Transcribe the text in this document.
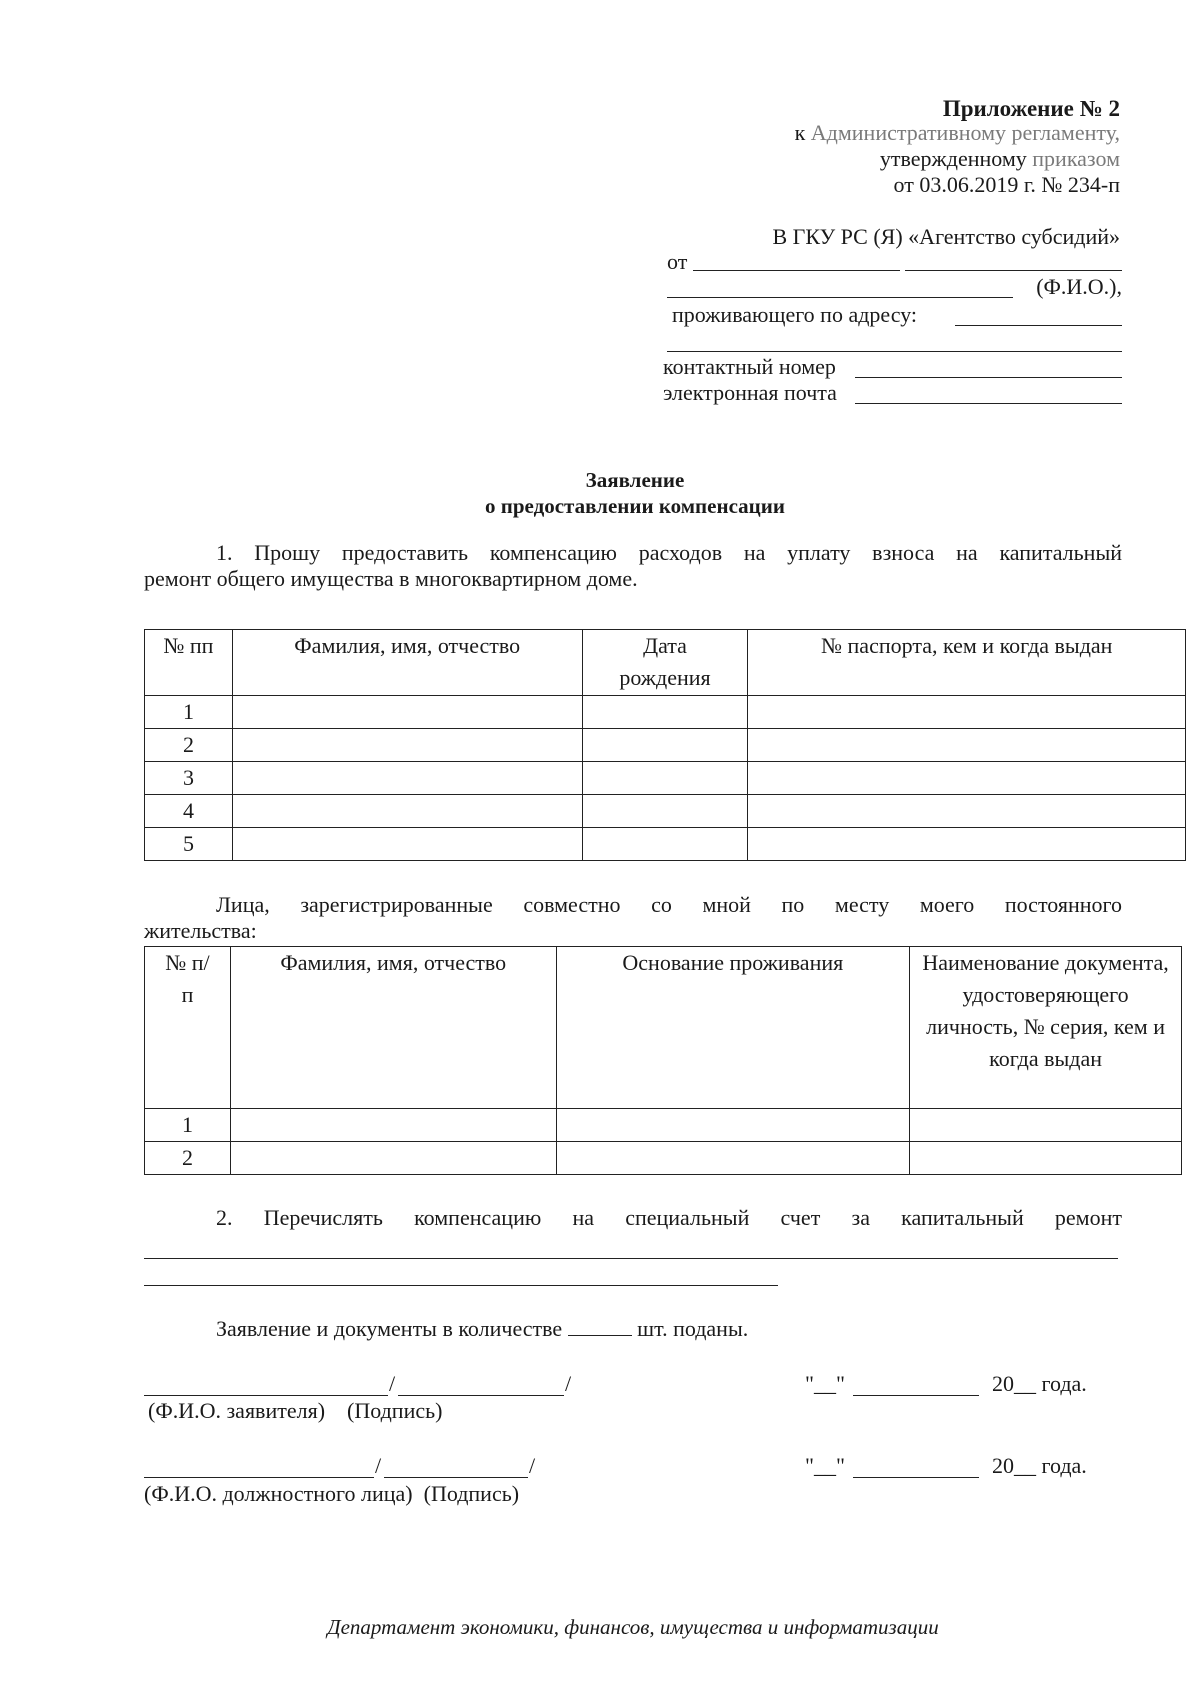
Приложение № 2
к Административному регламенту,
утвержденному приказом
от 03.06.2019 г. № 234-п
В ГКУ РС (Я) «Агентство субсидий»
от
(Ф.И.О.),
проживающего по адресу:
контактный номер
электронная почта
Заявление
о предоставлении компенсации
1. Прошу предоставить компенсацию расходов на уплату взноса на капитальный
ремонт общего имущества в многоквартирном доме.
№ пп	Фамилия, имя, отчество	Дата рождения	№ паспорта, кем и когда выдан
1			
2			
3			
4			
5			
Лица, зарегистрированные совместно со мной по месту моего постоянного
жительства:
№ п/п	Фамилия, имя, отчество	Основание проживания	Наименование документа, удостоверяющего личность, № серия, кем и когда выдан
1			
2			
2. Перечислять компенсацию на специальный счет за капитальный ремонт
Заявление и документы в количестве	шт. поданы.
/	/
(Ф.И.О. заявителя)    (Подпись)
"__"	20__ года.
/	/
(Ф.И.О. должностного лица)  (Подпись)
"__"	20__ года.
Департамент экономики, финансов, имущества и информатизации
